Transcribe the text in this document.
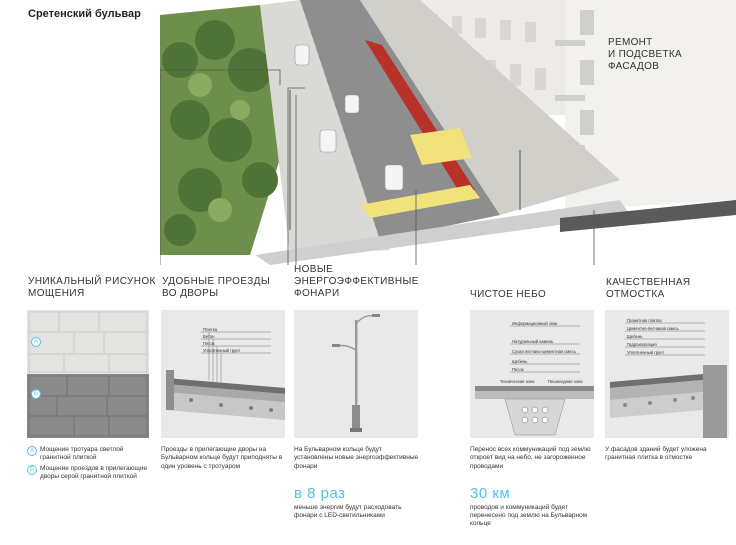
Сретенский бульвар
РЕМОНТ
И ПОДСВЕТКА
ФАСАДОВ
УНИКАЛЬНЫЙ РИСУНОК
МОЩЕНИЯ
УДОБНЫЕ ПРОЕЗДЫ
ВО ДВОРЫ
НОВЫЕ
ЭНЕРГОЭФФЕКТИВНЫЕ
ФОНАРИ	ЧИСТОЕ НЕБО
КАЧЕСТВЕННАЯ
ОТМОСТКА
A
Б
A Мощение тротуара светлой гранитной плиткой
Б Мощение проездов в прилегающие дворы серой гранитной плиткой
Плитка
Бетон
Песок
Уплотненный грунт
Проезды в прилегающие дворы на Бульварном кольце будут приподняты в один уровень с тротуаром
На Бульварном кольце будут установлены новые энергоэффективные фонари
в 8 раз
меньше энергии будут расходовать фонари с LED-светильниками
Информационный знак
Натуральный камень
Сухая песчано-цементная смесь
Щебень
Песок
Техническая зона	Пешеходная зона
Перенос всех коммуникаций под землю откроет вид на небо, не загороженное проводами
30 км
проводов и коммуникаций будет перенесено под землю на Бульварном кольце
Гранитная плитка
Цементно-песчаная смесь
Щебень
Гидроизоляция
Уплотненный грунт
У фасадов зданий будет уложена гранитная плитка в отмостке
